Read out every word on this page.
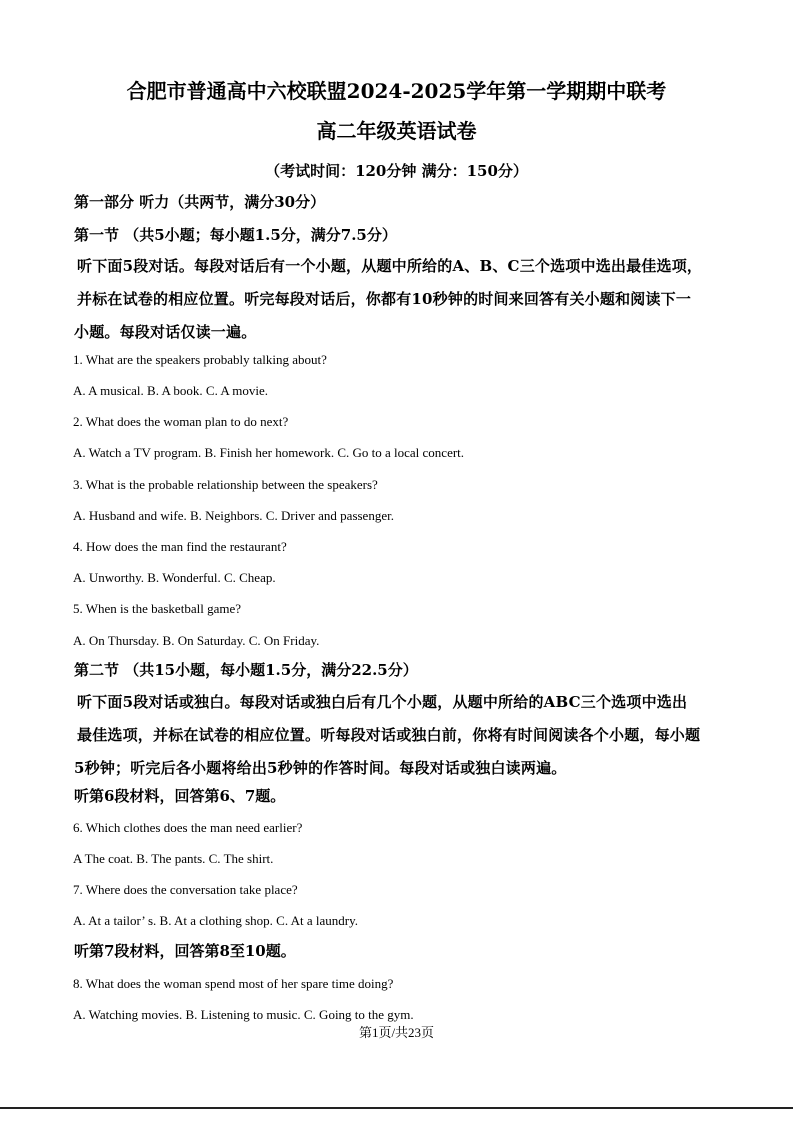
合肥市普通高中六校联盟2024-2025学年第一学期期中联考
高二年级英语试卷
（考试时间：120分钟 满分：150分）
第一部分 听力（共两节，满分30分）
第一节 （共5小题；每小题1.5分，满分7.5分）
听下面5段对话。每段对话后有一个小题，从题中所给的A、B、C三个选项中选出最佳选项，
并标在试卷的相应位置。听完每段对话后，你都有10秒钟的时间来回答有关小题和阅读下一
小题。每段对话仅读一遍。
1. What are the speakers probably talking about?
A. A musical. B. A book. C. A movie.
2. What does the woman plan to do next?
A. Watch a TV program. B. Finish her homework. C. Go to a local concert.
3. What is the probable relationship between the speakers?
A. Husband and wife. B. Neighbors. C. Driver and passenger.
4. How does the man find the restaurant?
A. Unworthy. B. Wonderful. C. Cheap.
5. When is the basketball game?
A. On Thursday. B. On Saturday. C. On Friday.
第二节 （共15小题，每小题1.5分，满分22.5分）
听下面5段对话或独白。每段对话或独白后有几个小题，从题中所给的ABC三个选项中选出
最佳选项，并标在试卷的相应位置。听每段对话或独白前，你将有时间阅读各个小题，每小题
5秒钟；听完后各小题将给出5秒钟的作答时间。每段对话或独白读两遍。
听第6段材料，回答第6、7题。
6. Which clothes does the man need earlier?
A The coat. B. The pants. C. The shirt.
7. Where does the conversation take place?
A. At a tailor’ s. B. At a clothing shop. C. At a laundry.
听第7段材料，回答第8至10题。
8. What does the woman spend most of her spare time doing?
A. Watching movies. B. Listening to music. C. Going to the gym.
第1页/共23页
